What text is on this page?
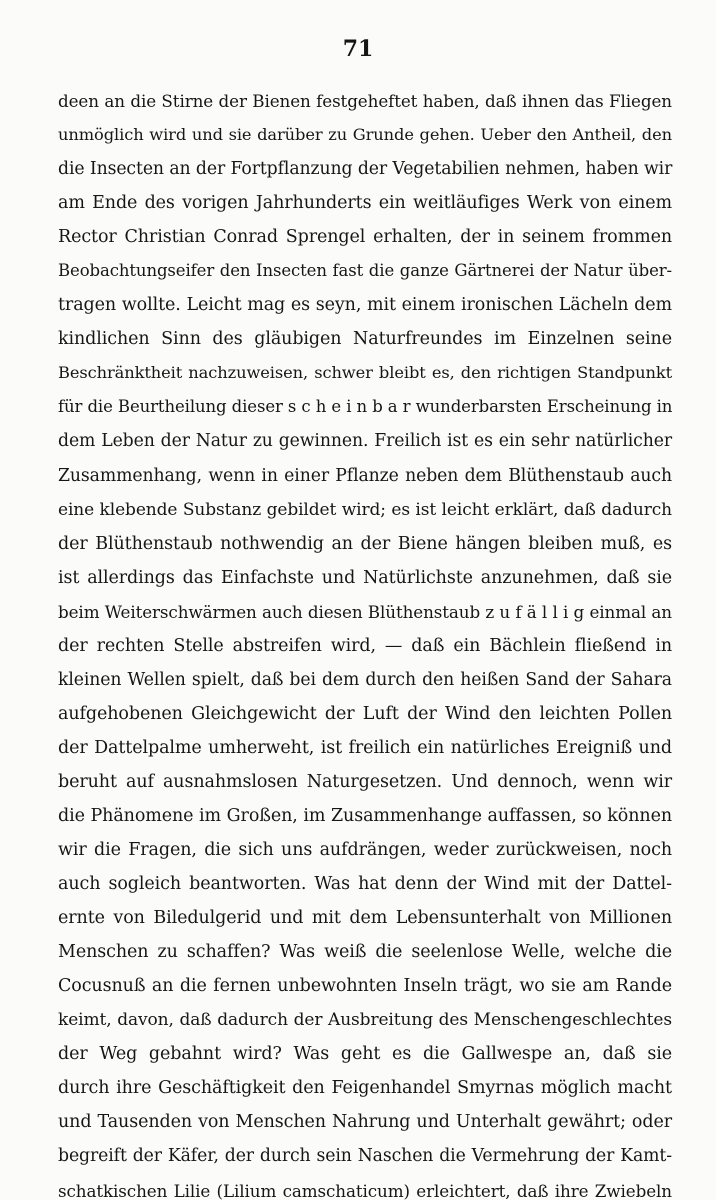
71
deen an die Stirne der Bienen festgeheftet haben, daß ihnen das Fliegen
unmöglich wird und sie darüber zu Grunde gehen. Ueber den Antheil, den
die Insecten an der Fortpflanzung der Vegetabilien nehmen, haben wir
am Ende des vorigen Jahrhunderts ein weitläufiges Werk von einem
Rector Christian Conrad Sprengel erhalten, der in seinem frommen
Beobachtungseifer den Insecten fast die ganze Gärtnerei der Natur über-
tragen wollte. Leicht mag es seyn, mit einem ironischen Lächeln dem
kindlichen Sinn des gläubigen Naturfreundes im Einzelnen seine
Beschränktheit nachzuweisen, schwer bleibt es, den richtigen Standpunkt
für die Beurtheilung dieser s c h e i n b a r wunderbarsten Erscheinung in
dem Leben der Natur zu gewinnen. Freilich ist es ein sehr natürlicher
Zusammenhang, wenn in einer Pflanze neben dem Blüthenstaub auch
eine klebende Substanz gebildet wird; es ist leicht erklärt, daß dadurch
der Blüthenstaub nothwendig an der Biene hängen bleiben muß, es
ist allerdings das Einfachste und Natürlichste anzunehmen, daß sie
beim Weiterschwärmen auch diesen Blüthenstaub z u f ä l l i g einmal an
der rechten Stelle abstreifen wird, — daß ein Bächlein fließend in
kleinen Wellen spielt, daß bei dem durch den heißen Sand der Sahara
aufgehobenen Gleichgewicht der Luft der Wind den leichten Pollen
der Dattelpalme umherweht, ist freilich ein natürliches Ereigniß und
beruht auf ausnahmslosen Naturgesetzen. Und dennoch, wenn wir
die Phänomene im Großen, im Zusammenhange auffassen, so können
wir die Fragen, die sich uns aufdrängen, weder zurückweisen, noch
auch sogleich beantworten. Was hat denn der Wind mit der Dattel-
ernte von Biledulgerid und mit dem Lebensunterhalt von Millionen
Menschen zu schaffen? Was weiß die seelenlose Welle, welche die
Cocusnuß an die fernen unbewohnten Inseln trägt, wo sie am Rande
keimt, davon, daß dadurch der Ausbreitung des Menschengeschlechtes
der Weg gebahnt wird? Was geht es die Gallwespe an, daß sie
durch ihre Geschäftigkeit den Feigenhandel Smyrnas möglich macht
und Tausenden von Menschen Nahrung und Unterhalt gewährt; oder
begreift der Käfer, der durch sein Naschen die Vermehrung der Kamt-
schatkischen Lilie (Lilium camschaticum) erleichtert, daß ihre Zwiebeln
